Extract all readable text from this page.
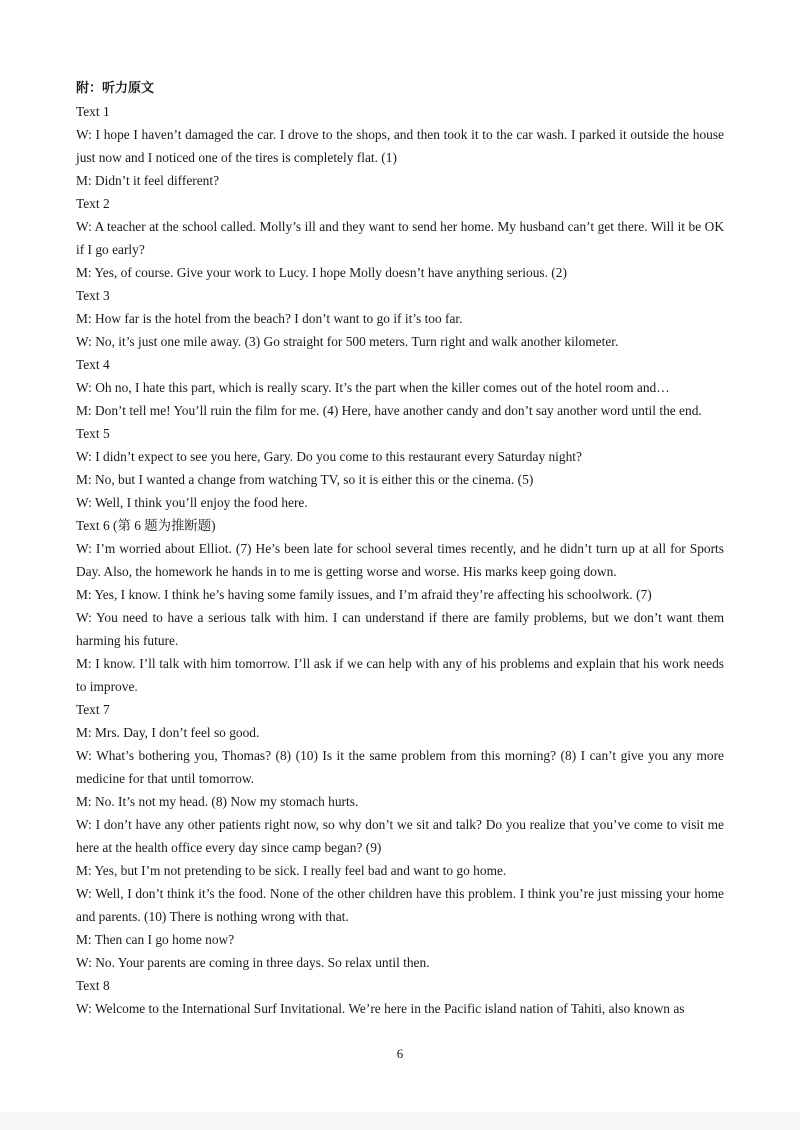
附：听力原文

Text 1

W: I hope I haven’t damaged the car. I drove to the shops, and then took it to the car wash. I parked it outside the house just now and I noticed one of the tires is completely flat. (1)

M: Didn’t it feel different?

Text 2

W: A teacher at the school called. Molly’s ill and they want to send her home. My husband can’t get there. Will it be OK if I go early?

M: Yes, of course. Give your work to Lucy. I hope Molly doesn’t have anything serious. (2)

Text 3

M: How far is the hotel from the beach? I don’t want to go if it’s too far.

W: No, it’s just one mile away. (3) Go straight for 500 meters. Turn right and walk another kilometer.

Text 4

W: Oh no, I hate this part, which is really scary. It’s the part when the killer comes out of the hotel room and…

M: Don’t tell me! You’ll ruin the film for me. (4) Here, have another candy and don’t say another word until the end.

Text 5

W: I didn’t expect to see you here, Gary. Do you come to this restaurant every Saturday night?

M: No, but I wanted a change from watching TV, so it is either this or the cinema. (5)

W: Well, I think you’ll enjoy the food here.

Text 6 (第 6 题为推断题)

W: I’m worried about Elliot. (7) He’s been late for school several times recently, and he didn’t turn up at all for Sports Day. Also, the homework he hands in to me is getting worse and worse. His marks keep going down.

M: Yes, I know. I think he’s having some family issues, and I’m afraid they’re affecting his schoolwork. (7)

W: You need to have a serious talk with him. I can understand if there are family problems, but we don’t want them harming his future.

M: I know. I’ll talk with him tomorrow. I’ll ask if we can help with any of his problems and explain that his work needs to improve.

Text 7

M: Mrs. Day, I don’t feel so good.

W: What’s bothering you, Thomas? (8) (10) Is it the same problem from this morning? (8) I can’t give you any more medicine for that until tomorrow.

M: No. It’s not my head. (8) Now my stomach hurts.

W: I don’t have any other patients right now, so why don’t we sit and talk? Do you realize that you’ve come to visit me here at the health office every day since camp began? (9)

M: Yes, but I’m not pretending to be sick. I really feel bad and want to go home.

W: Well, I don’t think it’s the food. None of the other children have this problem. I think you’re just missing your home and parents. (10) There is nothing wrong with that.

M: Then can I go home now?

W: No. Your parents are coming in three days. So relax until then.

Text 8

W: Welcome to the International Surf Invitational. We’re here in the Pacific island nation of Tahiti, also known as

6
